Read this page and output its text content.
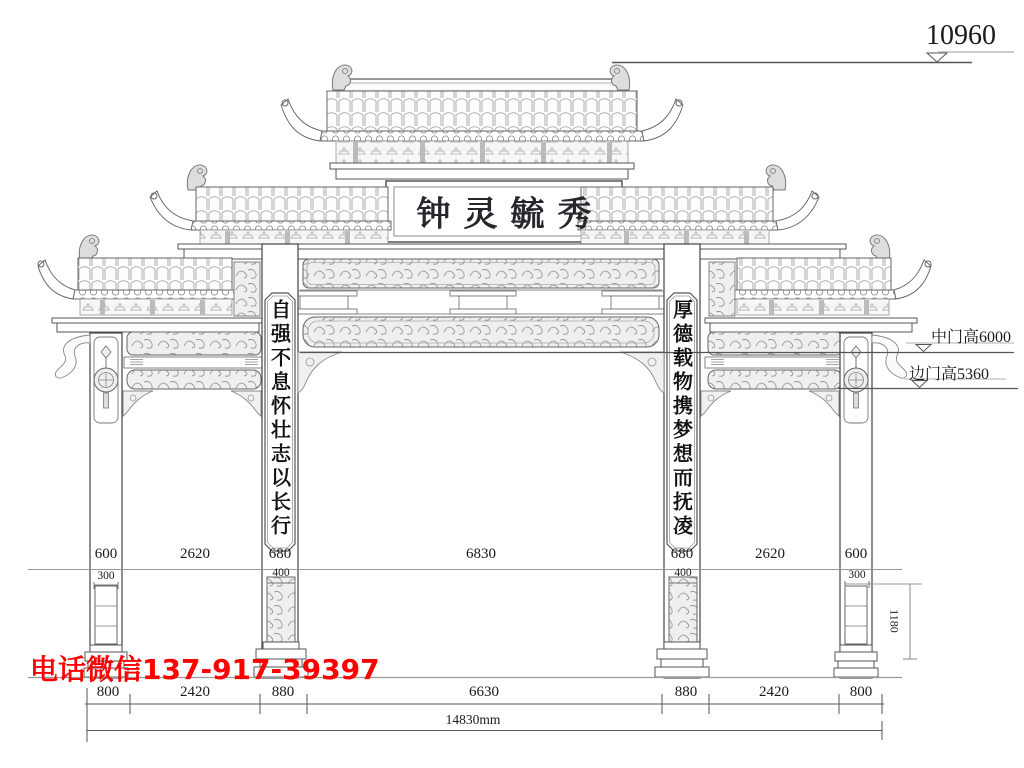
10960
中门高6000
边门高5360
钟灵毓秀
自强不息怀壮志以长行	厚德载物携梦想而抚凌
600	2620	680	6830	680	2620	600
300	400	400	300
1180
800	2420	880	6630	880	2420	800
14830mm
电话微信137-917-39397
